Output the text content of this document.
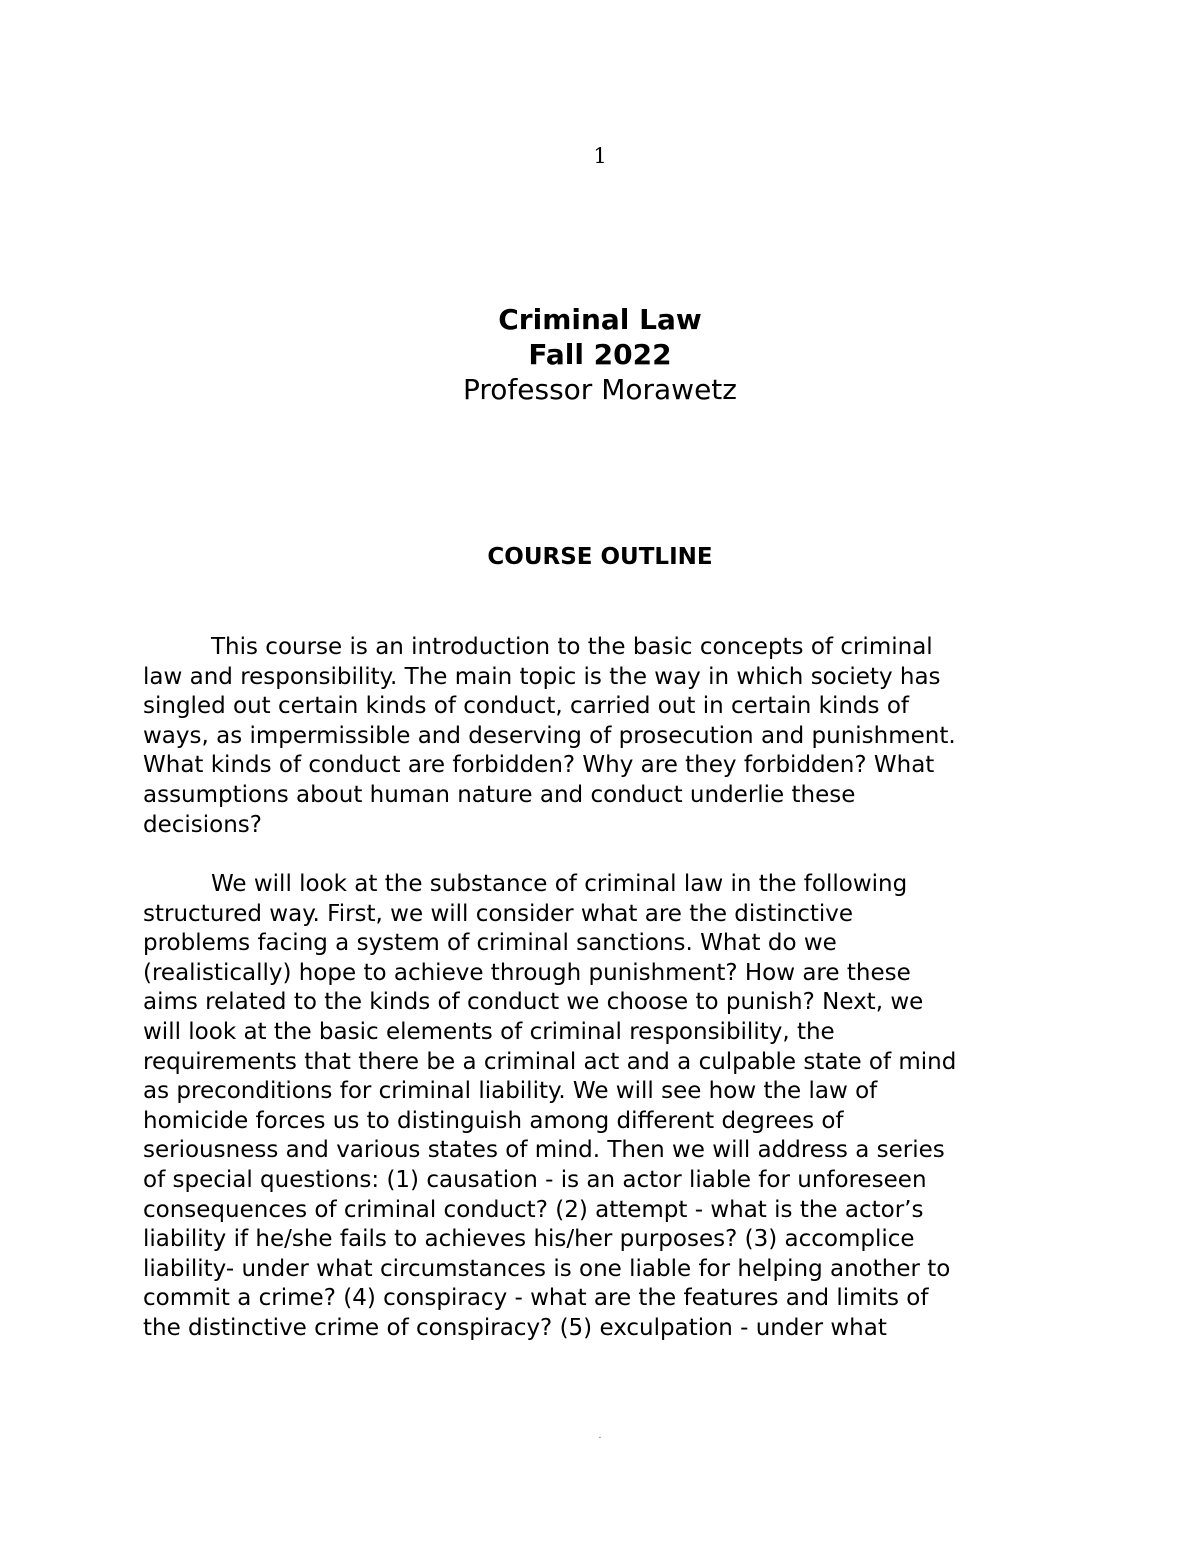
1
Criminal Law
Fall 2022
Professor Morawetz
COURSE OUTLINE
This course is an introduction to the basic concepts of criminal
law and responsibility. The main topic is the way in which society has
singled out certain kinds of conduct, carried out in certain kinds of
ways, as impermissible and deserving of prosecution and punishment.
What kinds of conduct are forbidden? Why are they forbidden? What
assumptions about human nature and conduct underlie these
decisions?
We will look at the substance of criminal law in the following
structured way. First, we will consider what are the distinctive
problems facing a system of criminal sanctions. What do we
(realistically) hope to achieve through punishment? How are these
aims related to the kinds of conduct we choose to punish? Next, we
will look at the basic elements of criminal responsibility, the
requirements that there be a criminal act and a culpable state of mind
as preconditions for criminal liability. We will see how the law of
homicide forces us to distinguish among different degrees of
seriousness and various states of mind. Then we will address a series
of special questions: (1) causation - is an actor liable for unforeseen
consequences of criminal conduct? (2) attempt - what is the actor’s
liability if he/she fails to achieves his/her purposes? (3) accomplice
liability- under what circumstances is one liable for helping another to
commit a crime? (4) conspiracy - what are the features and limits of
the distinctive crime of conspiracy? (5) exculpation - under what
.
